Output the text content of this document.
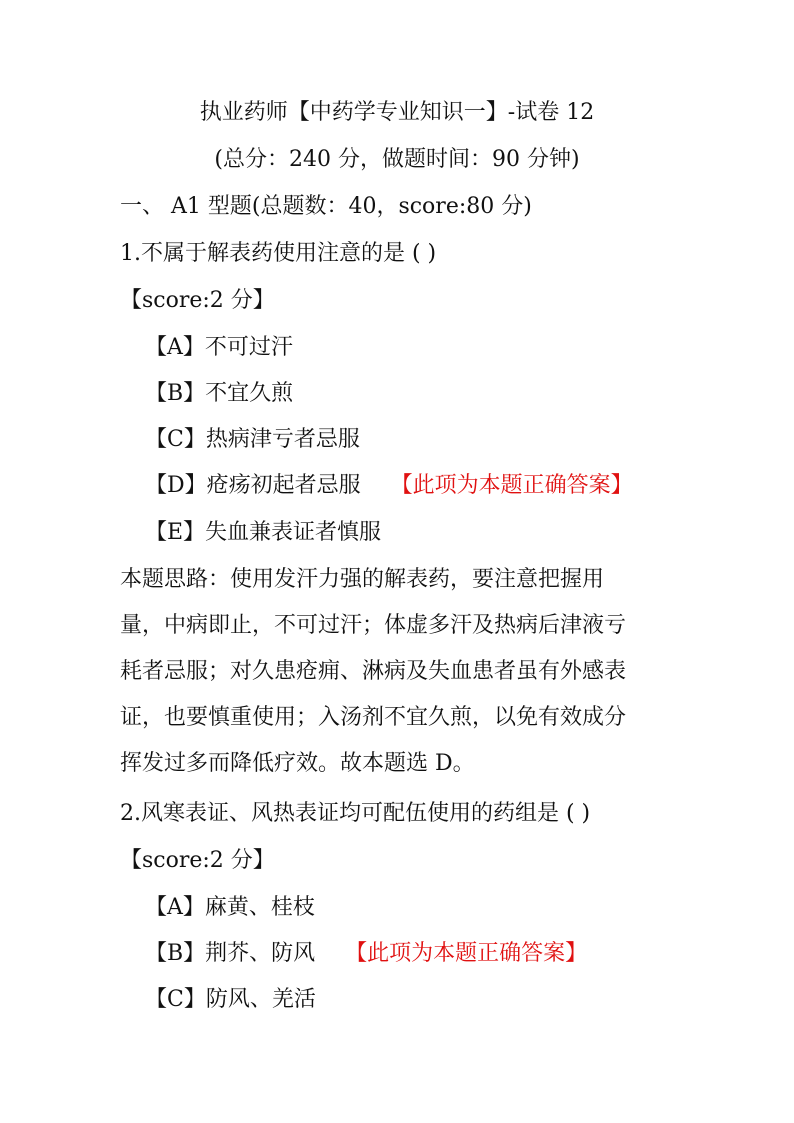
执业药师【中药学专业知识一】-试卷 12
(总分：240 分，做题时间：90 分钟)
一、 A1 型题(总题数：40，score:80 分)
1.不属于解表药使用注意的是 ( )
【score:2 分】
【A】不可过汗
【B】不宜久煎
【C】热病津亏者忌服
【D】疮疡初起者忌服 【此项为本题正确答案】
【E】失血兼表证者慎服
本题思路：使用发汗力强的解表药，要注意把握用
量，中病即止，不可过汗；体虚多汗及热病后津液亏
耗者忌服；对久患疮痈、淋病及失血患者虽有外感表
证，也要慎重使用；入汤剂不宜久煎，以免有效成分
挥发过多而降低疗效。故本题选 D。
2.风寒表证、风热表证均可配伍使用的药组是 ( )
【score:2 分】
【A】麻黄、桂枝
【B】荆芥、防风 【此项为本题正确答案】
【C】防风、羌活
